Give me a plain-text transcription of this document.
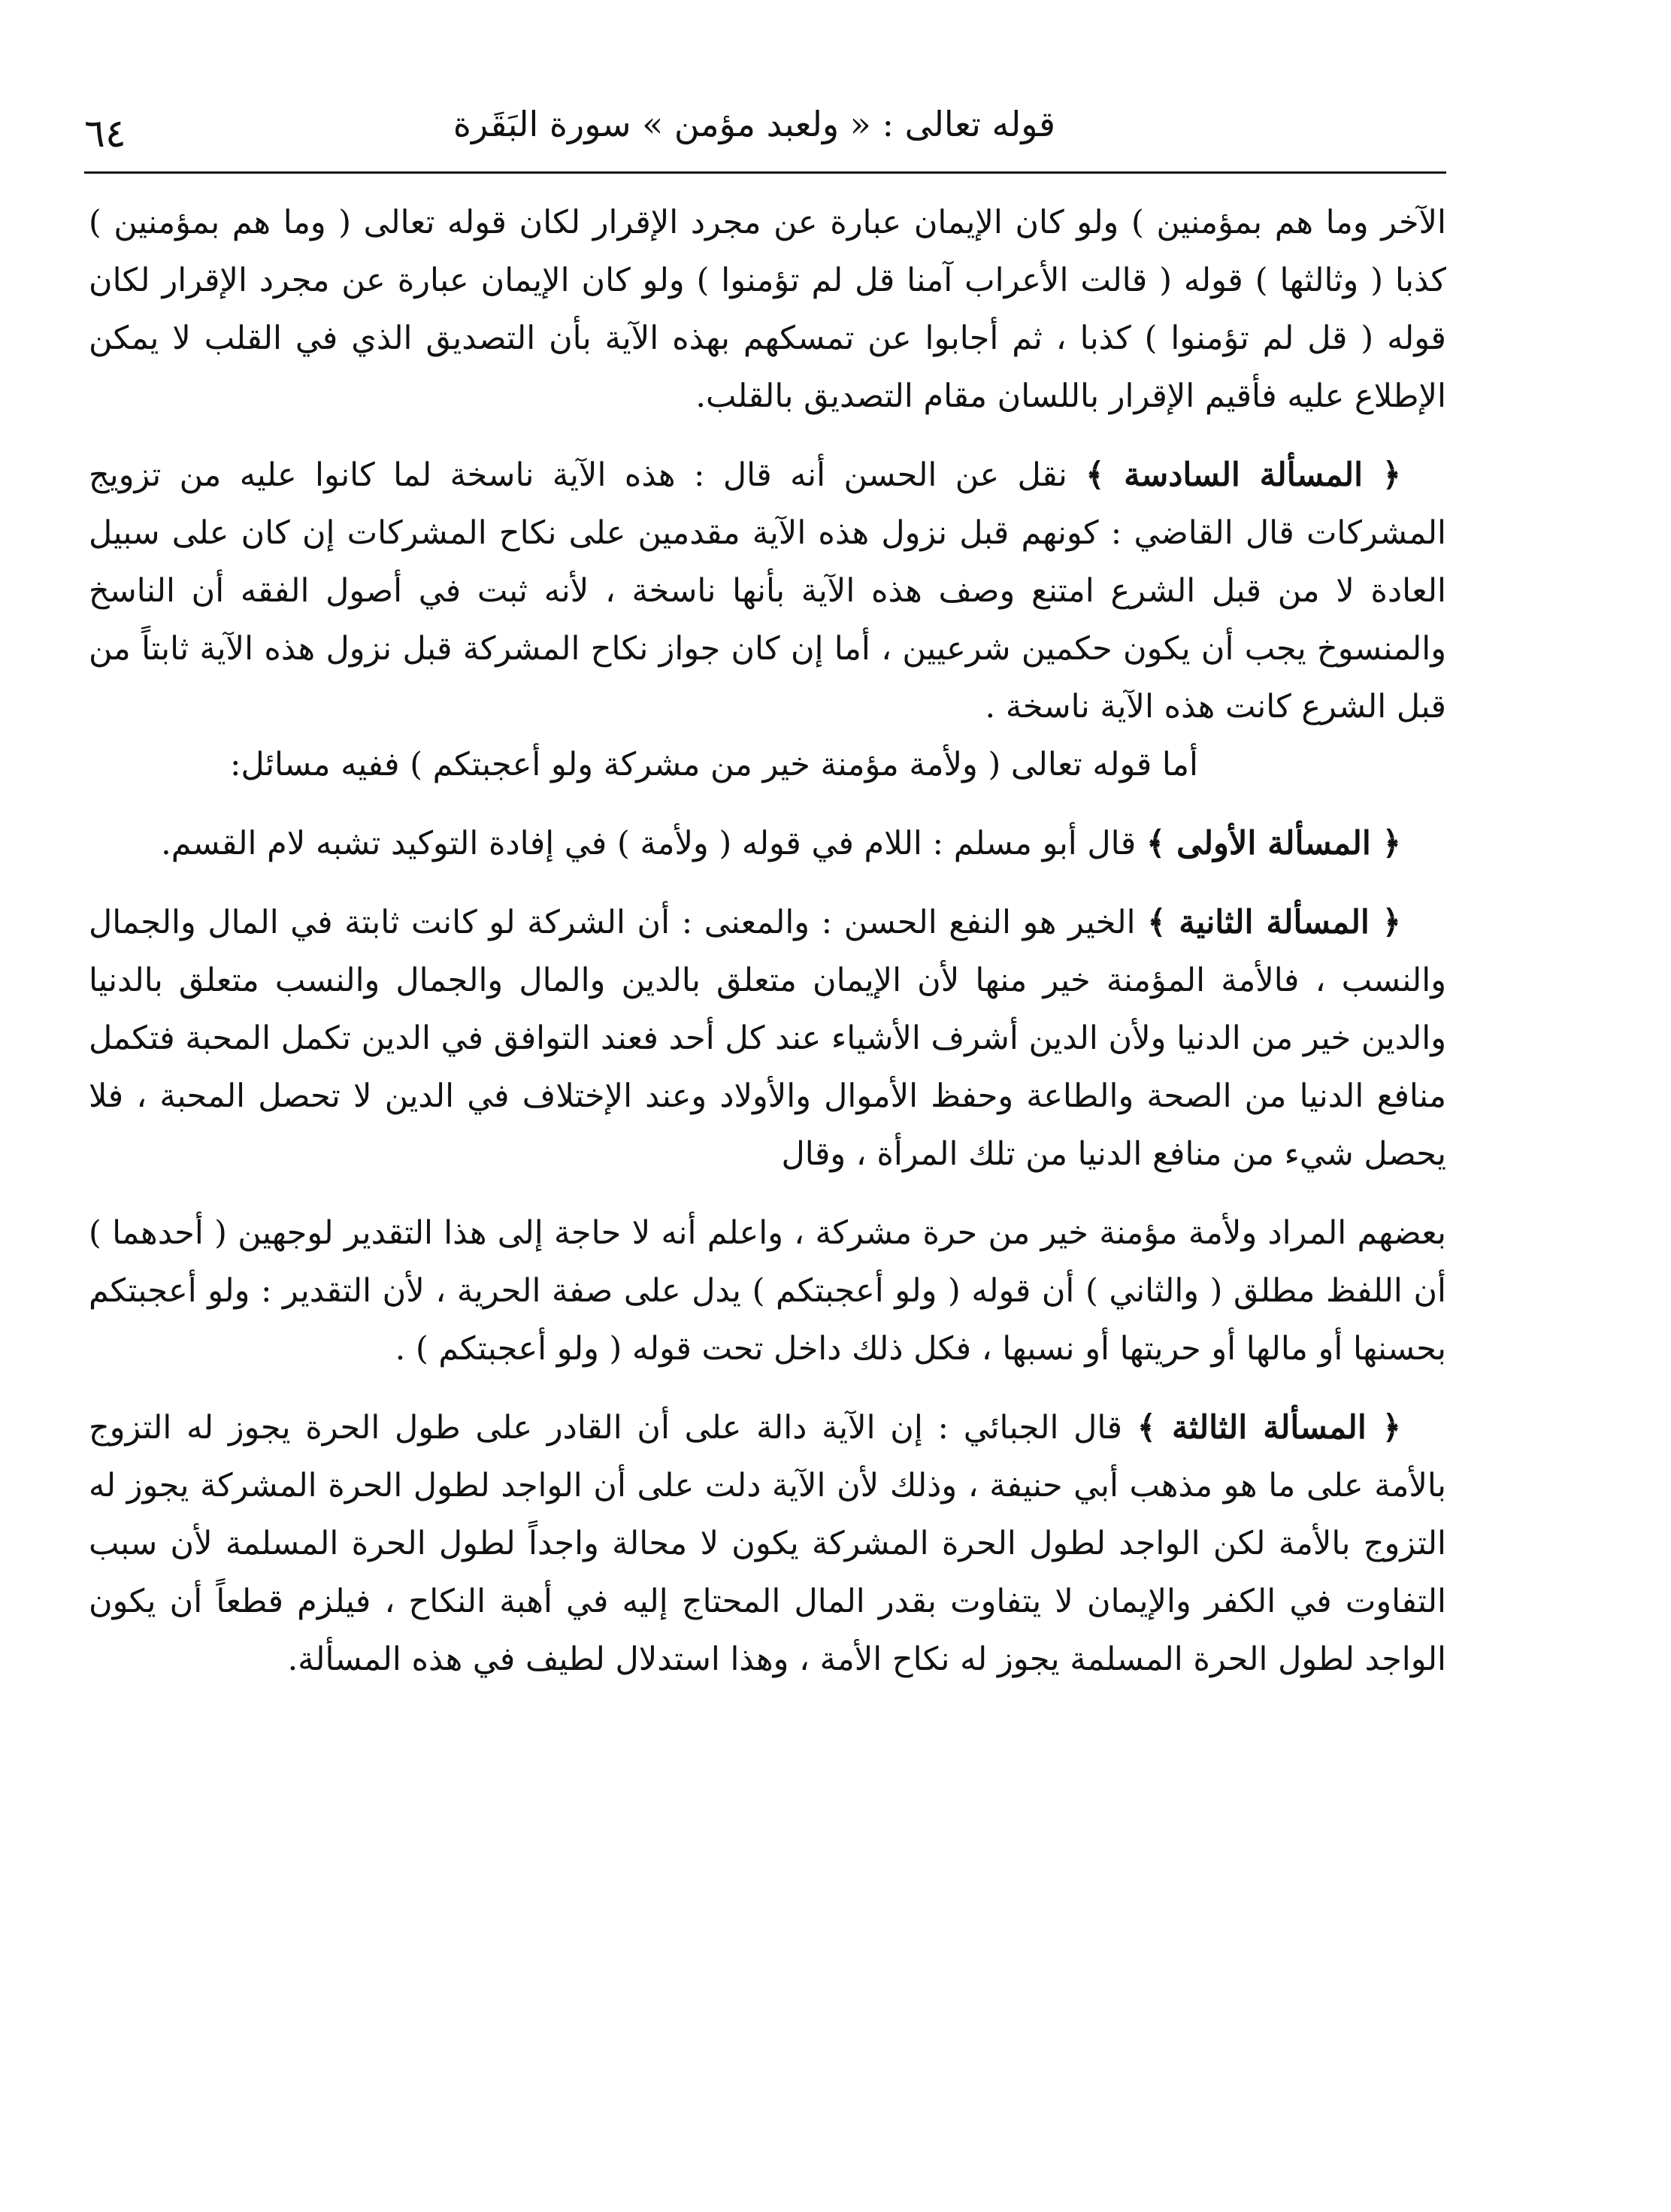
قوله تعالى : « ولعبد مؤمن » سورة البَقَرة
٦٤

الآخر وما هم بمؤمنين ) ولو كان الإيمان عبارة عن مجرد الإقرار لكان قوله تعالى ( وما هم بمؤمنين ) كذبا ( وثالثها ) قوله ( قالت الأعراب آمنا قل لم تؤمنوا ) ولو كان الإيمان عبارة عن مجرد الإقرار لكان قوله ( قل لم تؤمنوا ) كذبا ، ثم أجابوا عن تمسكهم بهذه الآية بأن التصديق الذي في القلب لا يمكن الإطلاع عليه فأقيم الإقرار باللسان مقام التصديق بالقلب.

﴿ المسألة السادسة ﴾ نقل عن الحسن أنه قال : هذه الآية ناسخة لما كانوا عليه من تزويج المشركات قال القاضي : كونهم قبل نزول هذه الآية مقدمين على نكاح المشركات إن كان على سبيل العادة لا من قبل الشرع امتنع وصف هذه الآية بأنها ناسخة ، لأنه ثبت في أصول الفقه أن الناسخ والمنسوخ يجب أن يكون حكمين شرعيين ، أما إن كان جواز نكاح المشركة قبل نزول هذه الآية ثابتاً من قبل الشرع كانت هذه الآية ناسخة .

أما قوله تعالى ( ولأمة مؤمنة خير من مشركة ولو أعجبتكم ) ففيه مسائل:

﴿ المسألة الأولى ﴾ قال أبو مسلم : اللام في قوله ( ولأمة ) في إفادة التوكيد تشبه لام القسم.

﴿ المسألة الثانية ﴾ الخير هو النفع الحسن : والمعنى : أن الشركة لو كانت ثابتة في المال والجمال والنسب ، فالأمة المؤمنة خير منها لأن الإيمان متعلق بالدين والمال والجمال والنسب متعلق بالدنيا والدين خير من الدنيا ولأن الدين أشرف الأشياء عند كل أحد فعند التوافق في الدين تكمل المحبة فتكمل منافع الدنيا من الصحة والطاعة وحفظ الأموال والأولاد وعند الإختلاف في الدين لا تحصل المحبة ، فلا يحصل شيء من منافع الدنيا من تلك المرأة ، وقال

بعضهم المراد ولأمة مؤمنة خير من حرة مشركة ، واعلم أنه لا حاجة إلى هذا التقدير لوجهين ( أحدهما ) أن اللفظ مطلق ( والثاني ) أن قوله ( ولو أعجبتكم ) يدل على صفة الحرية ، لأن التقدير : ولو أعجبتكم بحسنها أو مالها أو حريتها أو نسبها ، فكل ذلك داخل تحت قوله ( ولو أعجبتكم ) .

﴿ المسألة الثالثة ﴾ قال الجبائي : إن الآية دالة على أن القادر على طول الحرة يجوز له التزوج بالأمة على ما هو مذهب أبي حنيفة ، وذلك لأن الآية دلت على أن الواجد لطول الحرة المشركة يجوز له التزوج بالأمة لكن الواجد لطول الحرة المشركة يكون لا محالة واجداً لطول الحرة المسلمة لأن سبب التفاوت في الكفر والإيمان لا يتفاوت بقدر المال المحتاج إليه في أهبة النكاح ، فيلزم قطعاً أن يكون الواجد لطول الحرة المسلمة يجوز له نكاح الأمة ، وهذا استدلال لطيف في هذه المسألة.
